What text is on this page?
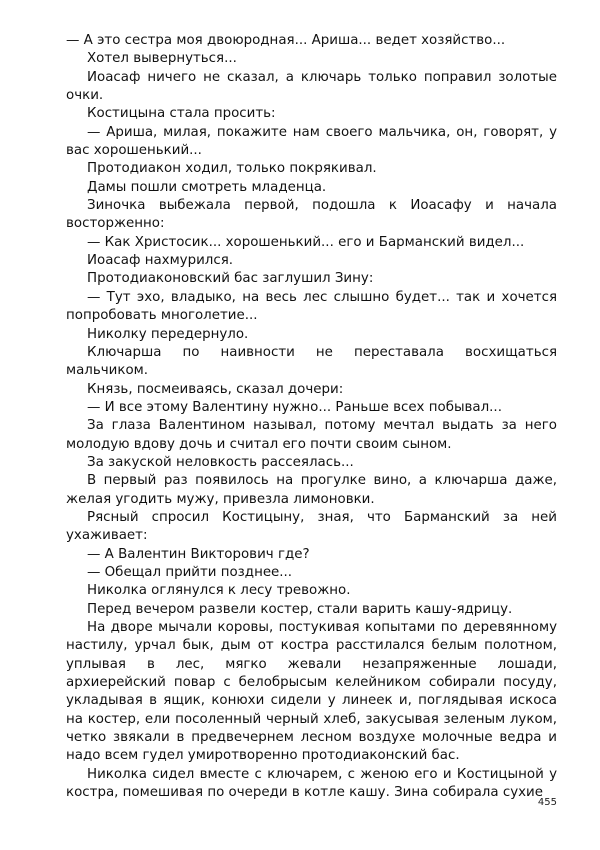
— А это сестра моя двоюродная... Ариша... ведет хозяйство...

Хотел вывернуться...

Иоасаф ничего не сказал, а ключарь только поправил золотые очки.

Костицына стала просить:

— Ариша, милая, покажите нам своего мальчика, он, говорят, у вас хорошенький...

Протодиакон ходил, только покрякивал.

Дамы пошли смотреть младенца.

Зиночка выбежала первой, подошла к Иоасафу и начала восторженно:

— Как Христосик... хорошенький... его и Барманский видел...

Иоасаф нахмурился.

Протодиаконовский бас заглушил Зину:

— Тут эхо, владыко, на весь лес слышно будет... так и хочется попробовать многолетие...

Николку передернуло.

Ключарша по наивности не переставала восхищаться мальчиком.

Князь, посмеиваясь, сказал дочери:

— И все этому Валентину нужно... Раньше всех побывал...

За глаза Валентином называл, потому мечтал выдать за него молодую вдову дочь и считал его почти своим сыном.

За закуской неловкость рассеялась...

В первый раз появилось на прогулке вино, а ключарша даже, желая угодить мужу, привезла лимоновки.

Рясный спросил Костицыну, зная, что Барманский за ней ухаживает:

— А Валентин Викторович где?

— Обещал прийти позднее...

Николка оглянулся к лесу тревожно.

Перед вечером развели костер, стали варить кашу-ядрицу.

На дворе мычали коровы, постукивая копытами по деревянному настилу, урчал бык, дым от костра расстилался белым полотном, уплывая в лес, мягко жевали незапряженные лошади, архиерейский повар с белобрысым келейником собирали посуду, укладывая в ящик, конюхи сидели у линеек и, поглядывая искоса на костер, ели посоленный черный хлеб, закусывая зеленым луком, четко звякали в предвечернем лесном воздухе молочные ведра и надо всем гудел умиротворенно протодиаконский бас.

Николка сидел вместе с ключарем, с женою его и Костицыной у костра, помешивая по очереди в котле кашу. Зина собирала сухие

455
